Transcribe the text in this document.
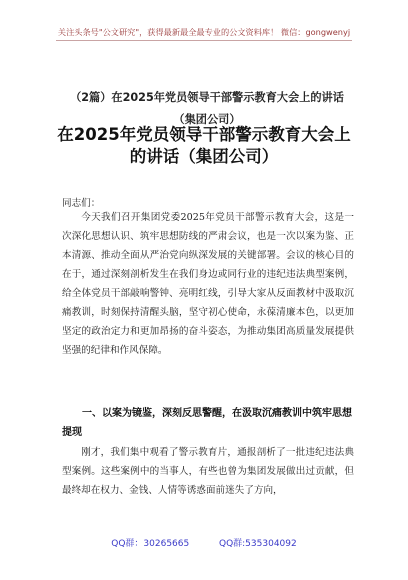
关注头条号"公文研究"，获得最新最全最专业的公文资料库！ 微信：gongwenyj
（2篇）在2025年党员领导干部警示教育大会上的讲话（集团公司）
在2025年党员领导干部警示教育大会上的讲话（集团公司）
同志们：

今天我们召开集团党委2025年党员干部警示教育大会，这是一次深化思想认识、筑牢思想防线的严肃会议，也是一次以案为鉴、正本清源、推动全面从严治党向纵深发展的关键部署。会议的核心目的在于，通过深刻剖析发生在我们身边或同行业的违纪违法典型案例，给全体党员干部敲响警钟、亮明红线，引导大家从反面教材中汲取沉痛教训，时刻保持清醒头脑，坚守初心使命，永葆清廉本色，以更加坚定的政治定力和更加昂扬的奋斗姿态，为推动集团高质量发展提供坚强的纪律和作风保障。

一、以案为镜鉴，深刻反思警醒，在汲取沉痛教训中筑牢思想提现

刚才，我们集中观看了警示教育片，通报剖析了一批违纪违法典型案例。这些案例中的当事人，有些也曾为集团发展做出过贡献，但最终却在权力、金钱、人情等诱惑面前迷失了方向，

QQ群：30265665	QQ群:535304092
